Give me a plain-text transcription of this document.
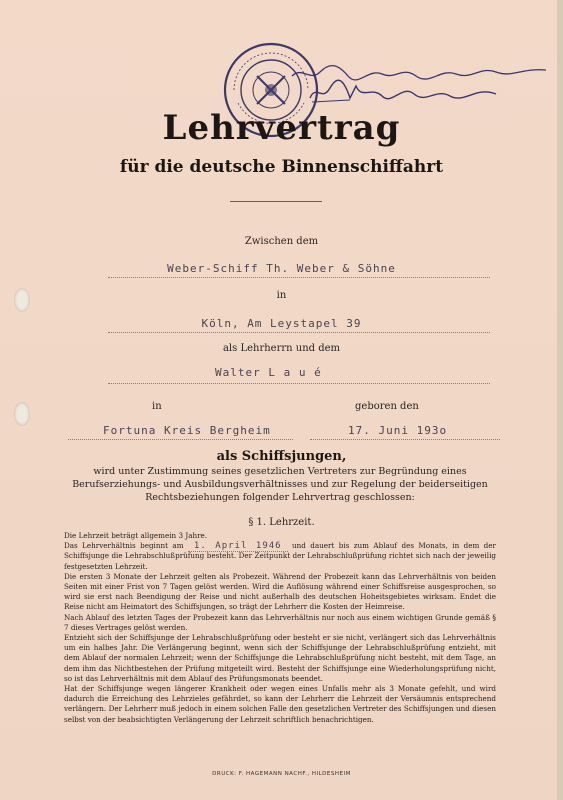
Lehrvertrag
für die deutsche Binnenschiffahrt
Zwischen dem
Weber-Schiff Th. Weber & Söhne
in
Köln, Am Leystapel 39
als Lehrherrn und dem
Walter L a u é
in	geboren den
Fortuna Kreis Bergheim	17. Juni 193o
als Schiffsjungen,
wird unter Zustimmung seines gesetzlichen Vertreters zur Begründung eines Berufserziehungs- und Ausbildungsverhältnisses und zur Regelung der beiderseitigen Rechtsbeziehungen folgender Lehrvertrag geschlossen:
§ 1. Lehrzeit.

Die Lehrzeit beträgt allgemein 3 Jahre.

Das Lehrverhältnis beginnt am 1. April 1946 und dauert bis zum Ablauf des Monats, in dem der Schiffsjunge die Lehrabschlußprüfung besteht. Der Zeitpunkt der Lehrabschlußprüfung richtet sich nach der jeweilig festgesetzten Lehrzeit.

Die ersten 3 Monate der Lehrzeit gelten als Probezeit. Während der Probezeit kann das Lehrverhältnis von beiden Seiten mit einer Frist von 7 Tagen gelöst werden. Wird die Auflösung während einer Schiffsreise ausgesprochen, so wird sie erst nach Beendigung der Reise und nicht außerhalb des deutschen Hoheitsgebietes wirksam. Endet die Reise nicht am Heimatort des Schiffsjungen, so trägt der Lehrherr die Kosten der Heimreise.

Nach Ablauf des letzten Tages der Probezeit kann das Lehrverhältnis nur noch aus einem wichtigen Grunde gemäß § 7 dieses Vertrages gelöst werden.

Entzieht sich der Schiffsjunge der Lehrabschlußprüfung oder besteht er sie nicht, verlängert sich das Lehrverhältnis um ein halbes Jahr. Die Verlängerung beginnt, wenn sich der Schiffsjunge der Lehrabschlußprüfung entzieht, mit dem Ablauf der normalen Lehrzeit; wenn der Schiffsjunge die Lehrabschlußprüfung nicht besteht, mit dem Tage, an dem ihm das Nichtbestehen der Prüfung mitgeteilt wird. Besteht der Schiffsjunge eine Wiederholungsprüfung nicht, so ist das Lehrverhältnis mit dem Ablauf des Prüfungsmonats beendet.

Hat der Schiffsjunge wegen längerer Krankheit oder wegen eines Unfalls mehr als 3 Monate gefehlt, und wird dadurch die Erreichung des Lehrzieles gefährdet, so kann der Lehrherr die Lehrzeit der Versäumnis entsprechend verlängern. Der Lehrherr muß jedoch in einem solchen Falle den gesetzlichen Vertreter des Schiffsjungen und diesen selbst von der beabsichtigten Verlängerung der Lehrzeit schriftlich benachrichtigen.

DRUCK: F. HAGEMANN NACHF., HILDESHEIM
